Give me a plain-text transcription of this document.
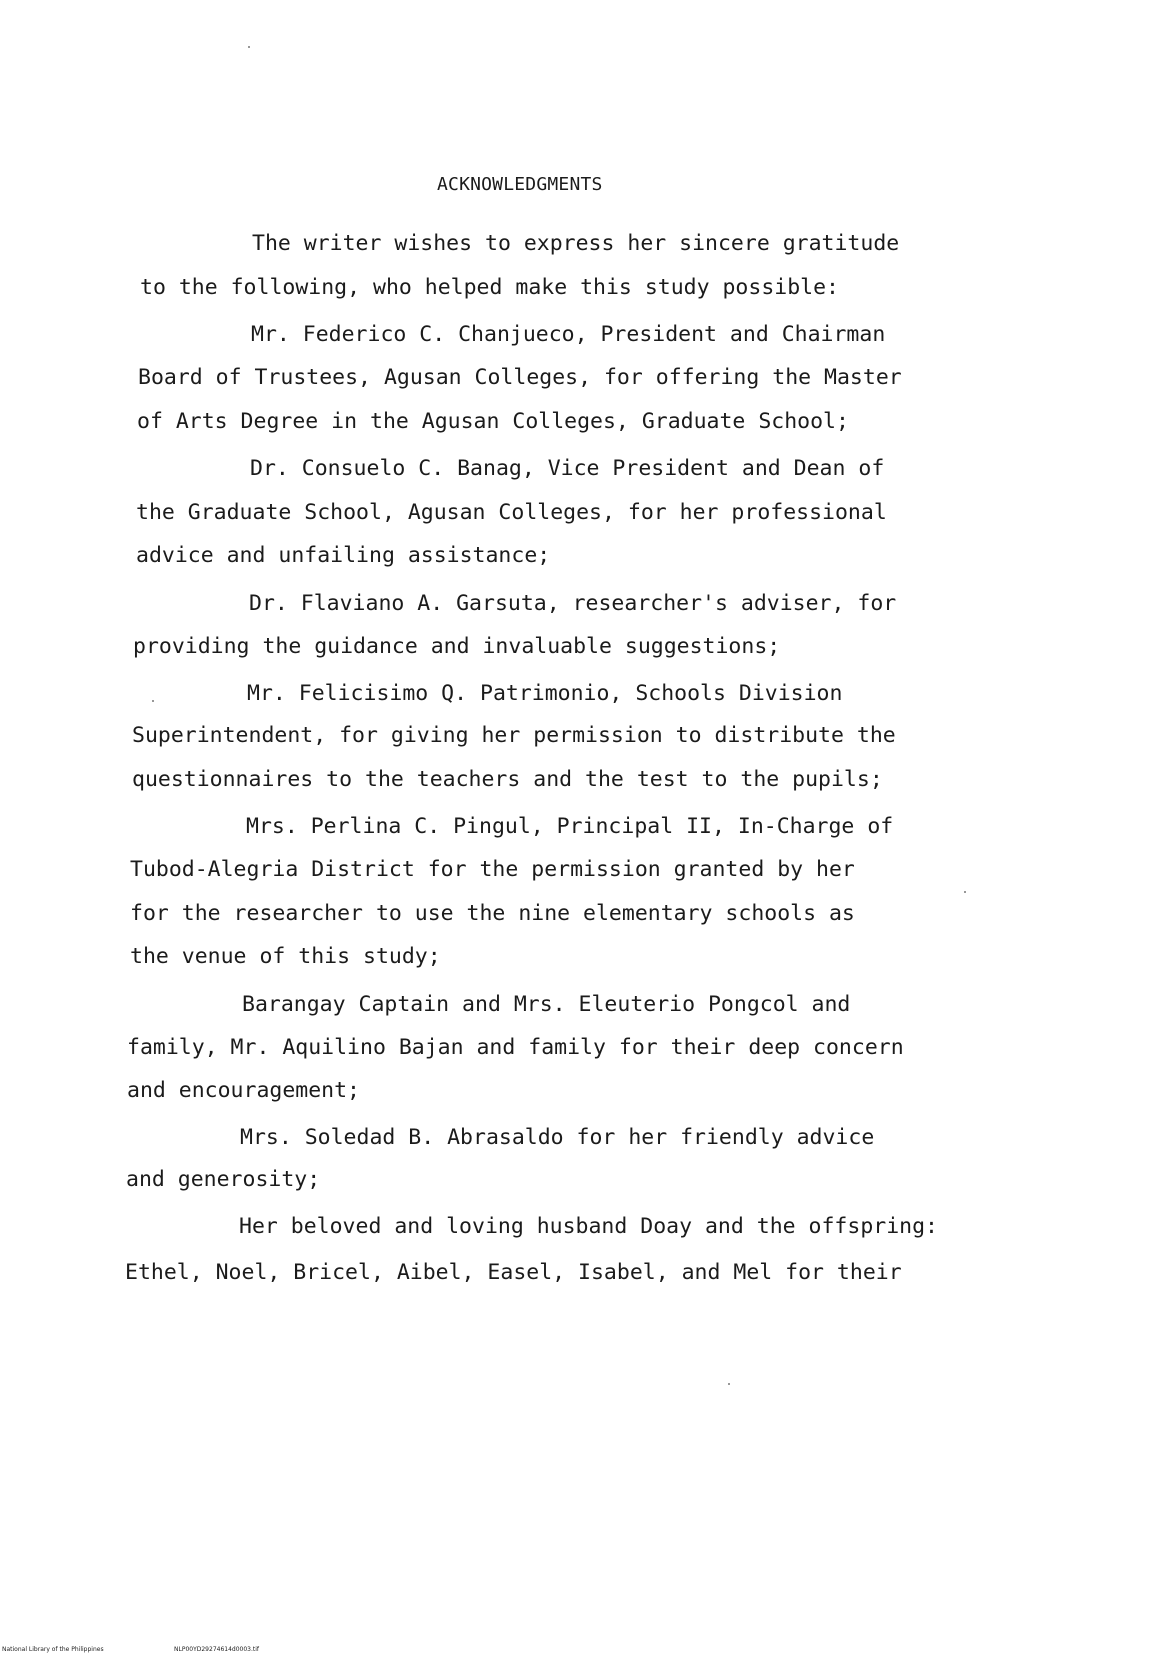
ACKNOWLEDGMENTS
The writer wishes to express her sincere gratitude
to the following, who helped make this study possible:
Mr. Federico C. Chanjueco, President and Chairman
Board of Trustees, Agusan Colleges, for offering the Master
of Arts Degree in the Agusan Colleges, Graduate School;
Dr. Consuelo C. Banag, Vice President and Dean of
the Graduate School, Agusan Colleges, for her professional
advice and unfailing assistance;
Dr. Flaviano A. Garsuta, researcher's adviser, for
providing the guidance and invaluable suggestions;
Mr. Felicisimo Q. Patrimonio, Schools Division
Superintendent, for giving her permission to distribute the
questionnaires to the teachers and the test to the pupils;
Mrs. Perlina C. Pingul, Principal II, In-Charge of
Tubod-Alegria District for the permission granted by her
for the researcher to use the nine elementary schools as
the venue of this study;
Barangay Captain and Mrs. Eleuterio Pongcol and
family, Mr. Aquilino Bajan and family for their deep concern
and encouragement;
Mrs. Soledad B. Abrasaldo for her friendly advice
and generosity;
Her beloved and loving husband Doay and the offspring:
Ethel, Noel, Bricel, Aibel, Easel, Isabel, and Mel for their
National Library of the Philippines	NLP00YD29274614d0003.tif
